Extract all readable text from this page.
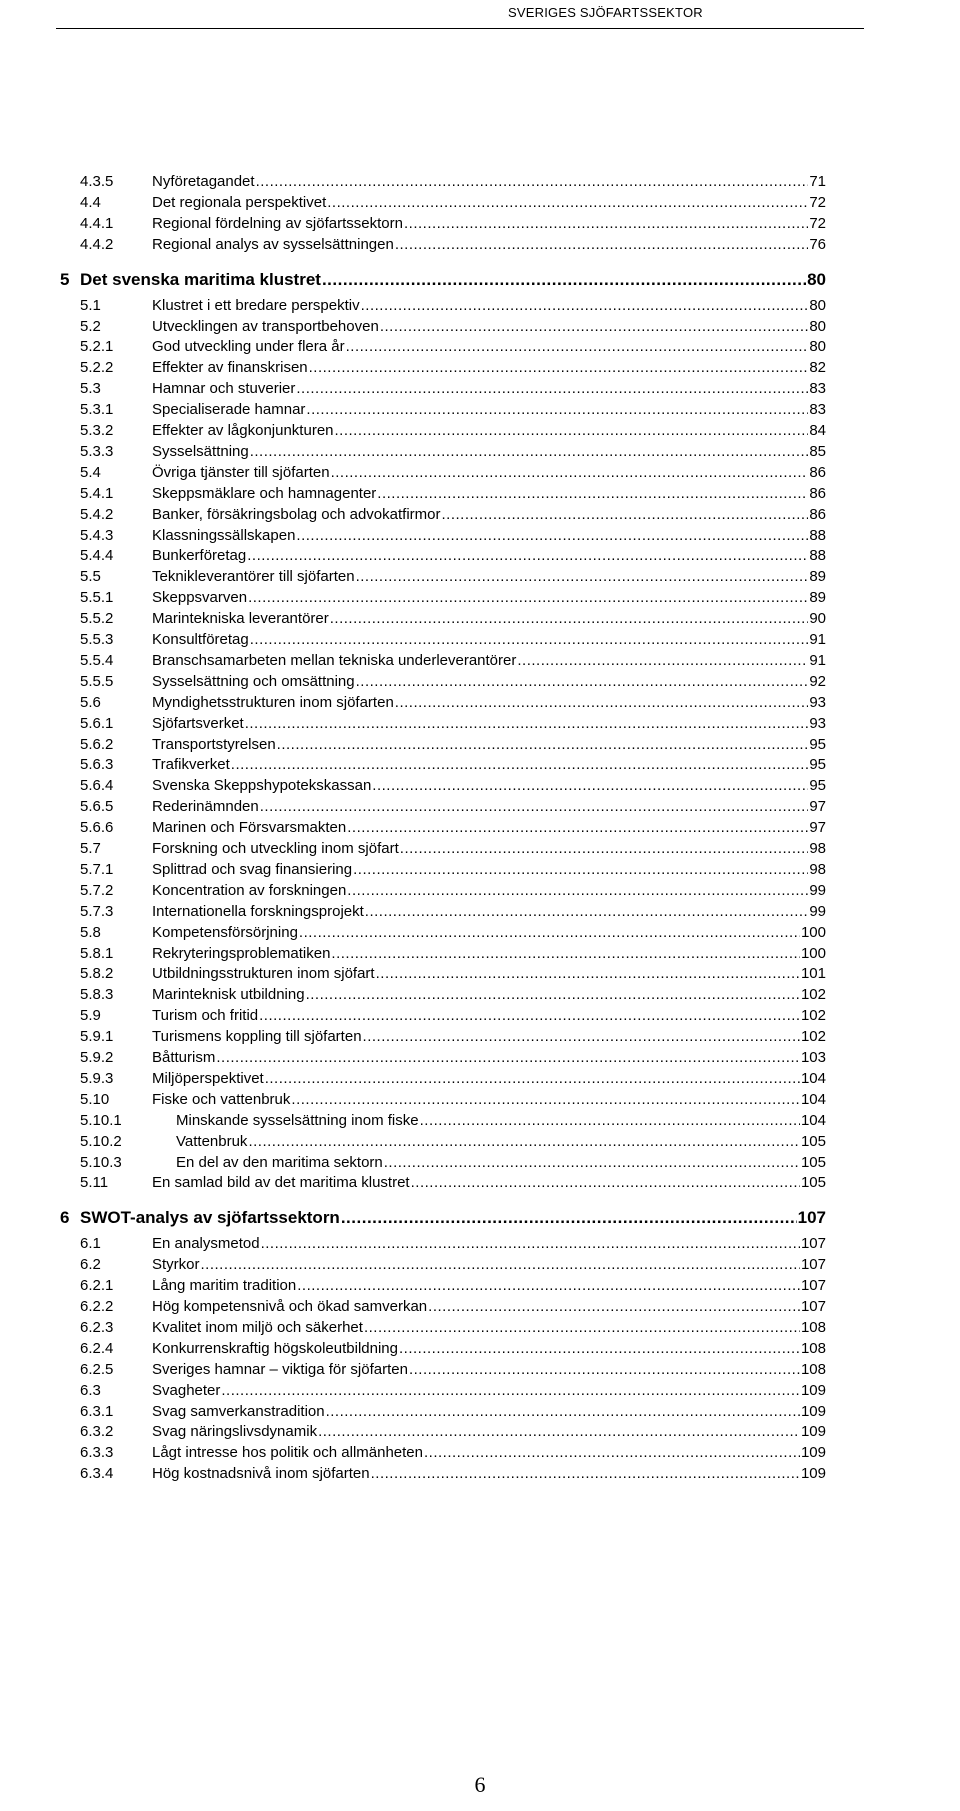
SVERIGES SJÖFARTSSEKTOR
4.3.5	Nyföretagandet .....	71
4.4	Det regionala perspektivet .....	72
4.4.1	Regional fördelning av sjöfartssektorn .....	72
4.4.2	Regional analys av sysselsättningen .....	76
5 Det svenska maritima klustret .....	80
5.1	Klustret i ett bredare perspektiv .....	80
5.2	Utvecklingen av transportbehoven .....	80
5.2.1	God utveckling under flera år .....	80
5.2.2	Effekter av finanskrisen .....	82
5.3	Hamnar och stuverier .....	83
5.3.1	Specialiserade hamnar .....	83
5.3.2	Effekter av lågkonjunkturen .....	84
5.3.3	Sysselsättning .....	85
5.4	Övriga tjänster till sjöfarten .....	86
5.4.1	Skeppsmäklare och hamnagenter .....	86
5.4.2	Banker, försäkringsbolag och advokatfirmor .....	86
5.4.3	Klassningssällskapen .....	88
5.4.4	Bunkerföretag .....	88
5.5	Teknikleverantörer till sjöfarten .....	89
5.5.1	Skeppsvarven .....	89
5.5.2	Marintekniska leverantörer .....	90
5.5.3	Konsultföretag .....	91
5.5.4	Branschsamarbeten mellan tekniska underleverantörer .....	91
5.5.5	Sysselsättning och omsättning .....	92
5.6	Myndighetsstrukturen inom sjöfarten .....	93
5.6.1	Sjöfartsverket .....	93
5.6.2	Transportstyrelsen .....	95
5.6.3	Trafikverket .....	95
5.6.4	Svenska Skeppshypotekskassan .....	95
5.6.5	Rederinämnden .....	97
5.6.6	Marinen och Försvarsmakten .....	97
5.7	Forskning och utveckling inom sjöfart .....	98
5.7.1	Splittrad och svag finansiering .....	98
5.7.2	Koncentration av forskningen .....	99
5.7.3	Internationella forskningsprojekt .....	99
5.8	Kompetensförsörjning .....	100
5.8.1	Rekryteringsproblematiken .....	100
5.8.2	Utbildningsstrukturen inom sjöfart .....	101
5.8.3	Marinteknisk utbildning .....	102
5.9	Turism och fritid .....	102
5.9.1	Turismens koppling till sjöfarten .....	102
5.9.2	Båtturism .....	103
5.9.3	Miljöperspektivet .....	104
5.10	Fiske och vattenbruk .....	104
5.10.1	Minskande sysselsättning inom fiske .....	104
5.10.2	Vattenbruk .....	105
5.10.3	En del av den maritima sektorn .....	105
5.11	En samlad bild av det maritima klustret .....	105
6 SWOT-analys av sjöfartssektorn .....	107
6.1	En analysmetod .....	107
6.2	Styrkor .....	107
6.2.1	Lång maritim tradition .....	107
6.2.2	Hög kompetensnivå och ökad samverkan .....	107
6.2.3	Kvalitet inom miljö och säkerhet .....	108
6.2.4	Konkurrenskraftig högskoleutbildning .....	108
6.2.5	Sveriges hamnar – viktiga för sjöfarten .....	108
6.3	Svagheter .....	109
6.3.1	Svag samverkanstradition .....	109
6.3.2	Svag näringslivsdynamik .....	109
6.3.3	Lågt intresse hos politik och allmänheten .....	109
6.3.4	Hög kostnadsnivå inom sjöfarten .....	109
6
